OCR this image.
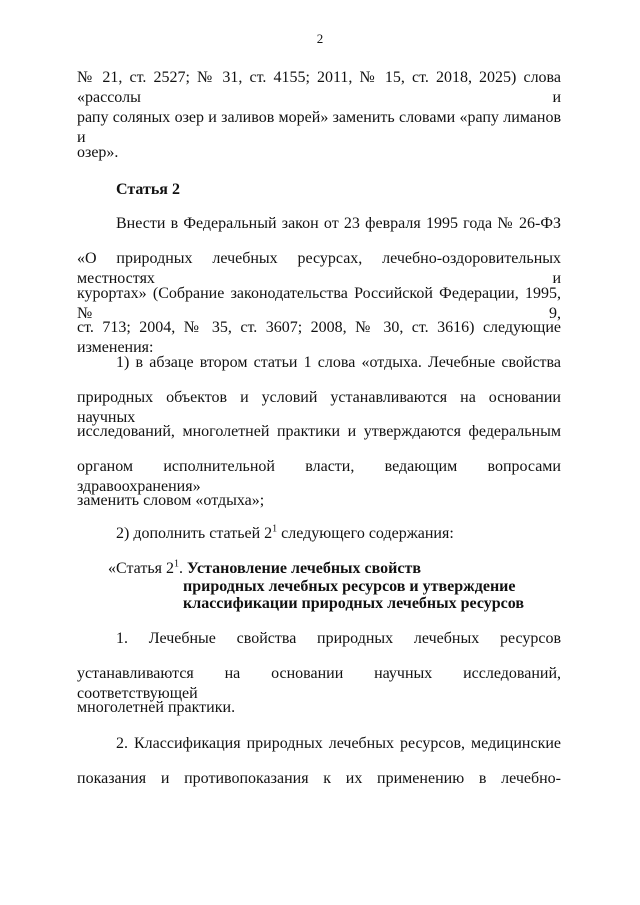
2
№ 21, ст. 2527; № 31, ст. 4155; 2011, № 15, ст. 2018, 2025) слова «рассолы и
рапу соляных озер и заливов морей» заменить словами «рапу лиманов и
озер».
Статья 2
Внести в Федеральный закон от 23 февраля 1995 года № 26-ФЗ
«О природных лечебных ресурсах, лечебно-оздоровительных местностях и
курортах» (Собрание законодательства Российской Федерации, 1995, № 9,
ст. 713; 2004, № 35, ст. 3607; 2008, № 30, ст. 3616) следующие изменения:
1) в абзаце втором статьи 1 слова «отдыха. Лечебные свойства
природных объектов и условий устанавливаются на основании научных
исследований, многолетней практики и утверждаются федеральным
органом исполнительной власти, ведающим вопросами здравоохранения»
заменить словом «отдыха»;
2) дополнить статьей $2^1$ следующего содержания:
«Статья $2^1$. Установление лечебных свойств
природных лечебных ресурсов и утверждение
классификации природных лечебных ресурсов
1. Лечебные свойства природных лечебных ресурсов
устанавливаются на основании научных исследований, соответствующей
многолетней практики.
2. Классификация природных лечебных ресурсов, медицинские
показания и противопоказания к их применению в лечебно-
